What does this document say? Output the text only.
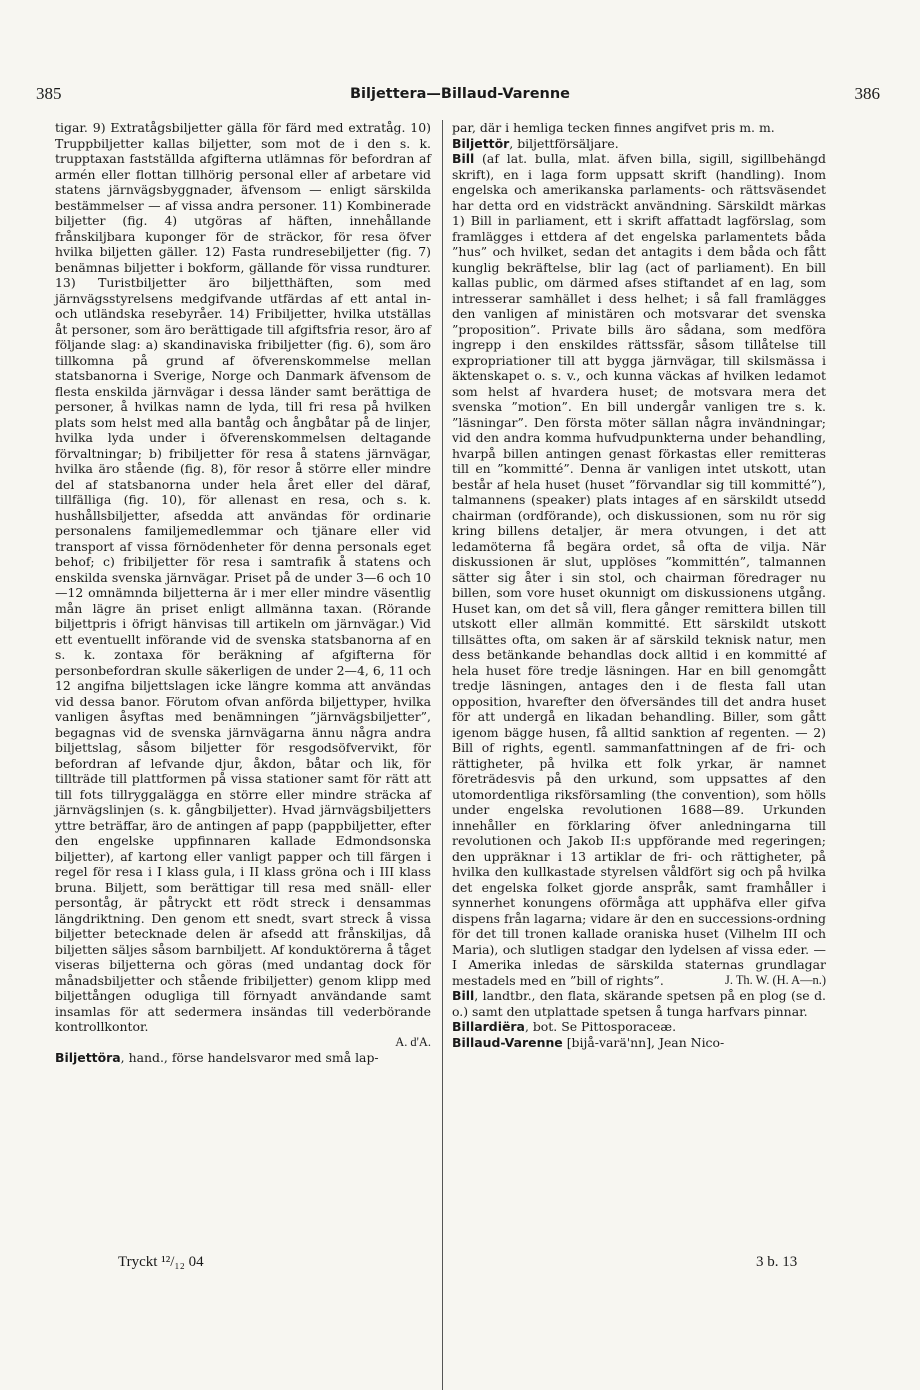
385	Biljettera—Billaud-Varenne	386

tigar. 9) Extratågsbiljetter gälla för färd med extratåg. 10) Truppbiljetter kallas biljetter, som mot de i den s. k. trupptaxan fastställda afgifterna utlämnas för befordran af armén eller flottan tillhörig personal eller af arbetare vid statens järnvägsbyggnader, äfvensom — enligt särskilda bestämmelser — af vissa andra personer. 11) Kombinerade biljetter (fig. 4) utgöras af häften, innehållande frånskiljbara kuponger för de sträckor, för resa öfver hvilka biljetten gäller. 12) Fasta rundresebiljetter (fig. 7) benämnas biljetter i bokform, gällande för vissa rundturer. 13) Turistbiljetter äro biljetthäften, som med järnvägsstyrelsens medgifvande utfärdas af ett antal in- och utländska resebyråer. 14) Fribiljetter, hvilka utställas åt personer, som äro berättigade till afgiftsfria resor, äro af följande slag: a) skandinaviska fribiljetter (fig. 6), som äro tillkomna på grund af öfverenskommelse mellan statsbanorna i Sverige, Norge och Danmark äfvensom de flesta enskilda järnvägar i dessa länder samt berättiga de personer, å hvilkas namn de lyda, till fri resa på hvilken plats som helst med alla bantåg och ångbåtar på de linjer, hvilka lyda under i öfverenskommelsen deltagande förvaltningar; b) fribiljetter för resa å statens järnvägar, hvilka äro stående (fig. 8), för resor å större eller mindre del af statsbanorna under hela året eller del däraf, tillfälliga (fig. 10), för allenast en resa, och s. k. hushållsbiljetter, afsedda att användas för ordinarie personalens familjemedlemmar och tjänare eller vid transport af vissa förnödenheter för denna personals eget behof; c) fribiljetter för resa i samtrafik å statens och enskilda svenska järnvägar. Priset på de under 3—6 och 10—12 omnämnda biljetterna är i mer eller mindre väsentlig mån lägre än priset enligt allmänna taxan. (Rörande biljettpris i öfrigt hänvisas till artikeln om järnvägar.) Vid ett eventuellt införande vid de svenska statsbanorna af en s. k. zontaxa för beräkning af afgifterna för personbefordran skulle säkerligen de under 2—4, 6, 11 och 12 angifna biljettslagen icke längre komma att användas vid dessa banor. Förutom ofvan anförda biljettyper, hvilka vanligen åsyftas med benämningen ”järnvägsbiljetter”, begagnas vid de svenska järnvägarna ännu några andra biljettslag, såsom biljetter för resgodsöfvervikt, för befordran af lefvande djur, åkdon, båtar och lik, för tillträde till plattformen på vissa stationer samt för rätt att till fots tillryggalägga en större eller mindre sträcka af järnvägslinjen (s. k. gångbiljetter). Hvad järnvägsbiljetters yttre beträffar, äro de antingen af papp (pappbiljetter, efter den engelske uppfinnaren kallade Edmondsonska biljetter), af kartong eller vanligt papper och till färgen i regel för resa i I klass gula, i II klass gröna och i III klass bruna. Biljett, som berättigar till resa med snäll- eller persontåg, är påtryckt ett rödt streck i densammas längdriktning. Den genom ett snedt, svart streck å vissa biljetter betecknade delen är afsedd att frånskiljas, då biljetten säljes såsom barnbiljett. Af konduktörerna å tåget viseras biljetterna och göras (med undantag dock för månadsbiljetter och stående fribiljetter) genom klipp med biljettången odugliga till förnyadt användande samt insamlas för att sedermera insändas till vederbörande kontrollkontor.

A. d'A.

Biljettöra, hand., förse handelsvaror med små lap-

par, där i hemliga tecken finnes angifvet pris m. m.

Biljettör, biljettförsäljare.

Bill (af lat. bulla, mlat. äfven billa, sigill, sigillbehängd skrift), en i laga form uppsatt skrift (handling). Inom engelska och amerikanska parlaments- och rättsväsendet har detta ord en vidsträckt användning. Särskildt märkas 1) Bill in parliament, ett i skrift affattadt lagförslag, som framlägges i ettdera af det engelska parlamentets båda ”hus” och hvilket, sedan det antagits i dem båda och fått kunglig bekräftelse, blir lag (act of parliament). En bill kallas public, om därmed afses stiftandet af en lag, som intresserar samhället i dess helhet; i så fall framlägges den vanligen af ministären och motsvarar det svenska ”proposition”. Private bills äro sådana, som medföra ingrepp i den enskildes rättssfär, såsom tillåtelse till expropriationer till att bygga järnvägar, till skilsmässa i äktenskapet o. s. v., och kunna väckas af hvilken ledamot som helst af hvardera huset; de motsvara mera det svenska ”motion”. En bill undergår vanligen tre s. k. ”läsningar”. Den första möter sällan några invändningar; vid den andra komma hufvudpunkterna under behandling, hvarpå billen antingen genast förkastas eller remitteras till en ”kommitté”. Denna är vanligen intet utskott, utan består af hela huset (huset ”förvandlar sig till kommitté”), talmannens (speaker) plats intages af en särskildt utsedd chairman (ordförande), och diskussionen, som nu rör sig kring billens detaljer, är mera otvungen, i det att ledamöterna få begära ordet, så ofta de vilja. När diskussionen är slut, upplöses ”kommittén”, talmannen sätter sig åter i sin stol, och chairman föredrager nu billen, som vore huset okunnigt om diskussionens utgång. Huset kan, om det så vill, flera gånger remittera billen till utskott eller allmän kommitté. Ett särskildt utskott tillsättes ofta, om saken är af särskild teknisk natur, men dess betänkande behandlas dock alltid i en kommitté af hela huset före tredje läsningen. Har en bill genomgått tredje läsningen, antages den i de flesta fall utan opposition, hvarefter den öfversändes till det andra huset för att undergå en likadan behandling. Biller, som gått igenom bägge husen, få alltid sanktion af regenten. — 2) Bill of rights, egentl. sammanfattningen af de fri- och rättigheter, på hvilka ett folk yrkar, är namnet företrädesvis på den urkund, som uppsattes af den utomordentliga riksförsamling (the convention), som hölls under engelska revolutionen 1688—89. Urkunden innehåller en förklaring öfver anledningarna till revolutionen och Jakob II:s uppförande med regeringen; den uppräknar i 13 artiklar de fri- och rättigheter, på hvilka den kullkastade styrelsen våldfört sig och på hvilka det engelska folket gjorde anspråk, samt framhåller i synnerhet konungens oförmåga att upphäfva eller gifva dispens från lagarna; vidare är den en successions-ordning för det till tronen kallade oraniska huset (Vilhelm III och Maria), och slutligen stadgar den lydelsen af vissa eder. — I Amerika inledas de särskilda staternas grundlagar mestadels med en ”bill of rights”.	J. Th. W. (H. A—n.)

Bill, landtbr., den flata, skärande spetsen på en plog (se d. o.) samt den utplattade spetsen å tunga harfvars pinnar.

Billardiëra, bot. Se Pittosporaceæ.

Billaud-Varenne [bijå-varä'nn], Jean Nico-

Tryckt ¹²/₁₂ 04	3 b. 13
